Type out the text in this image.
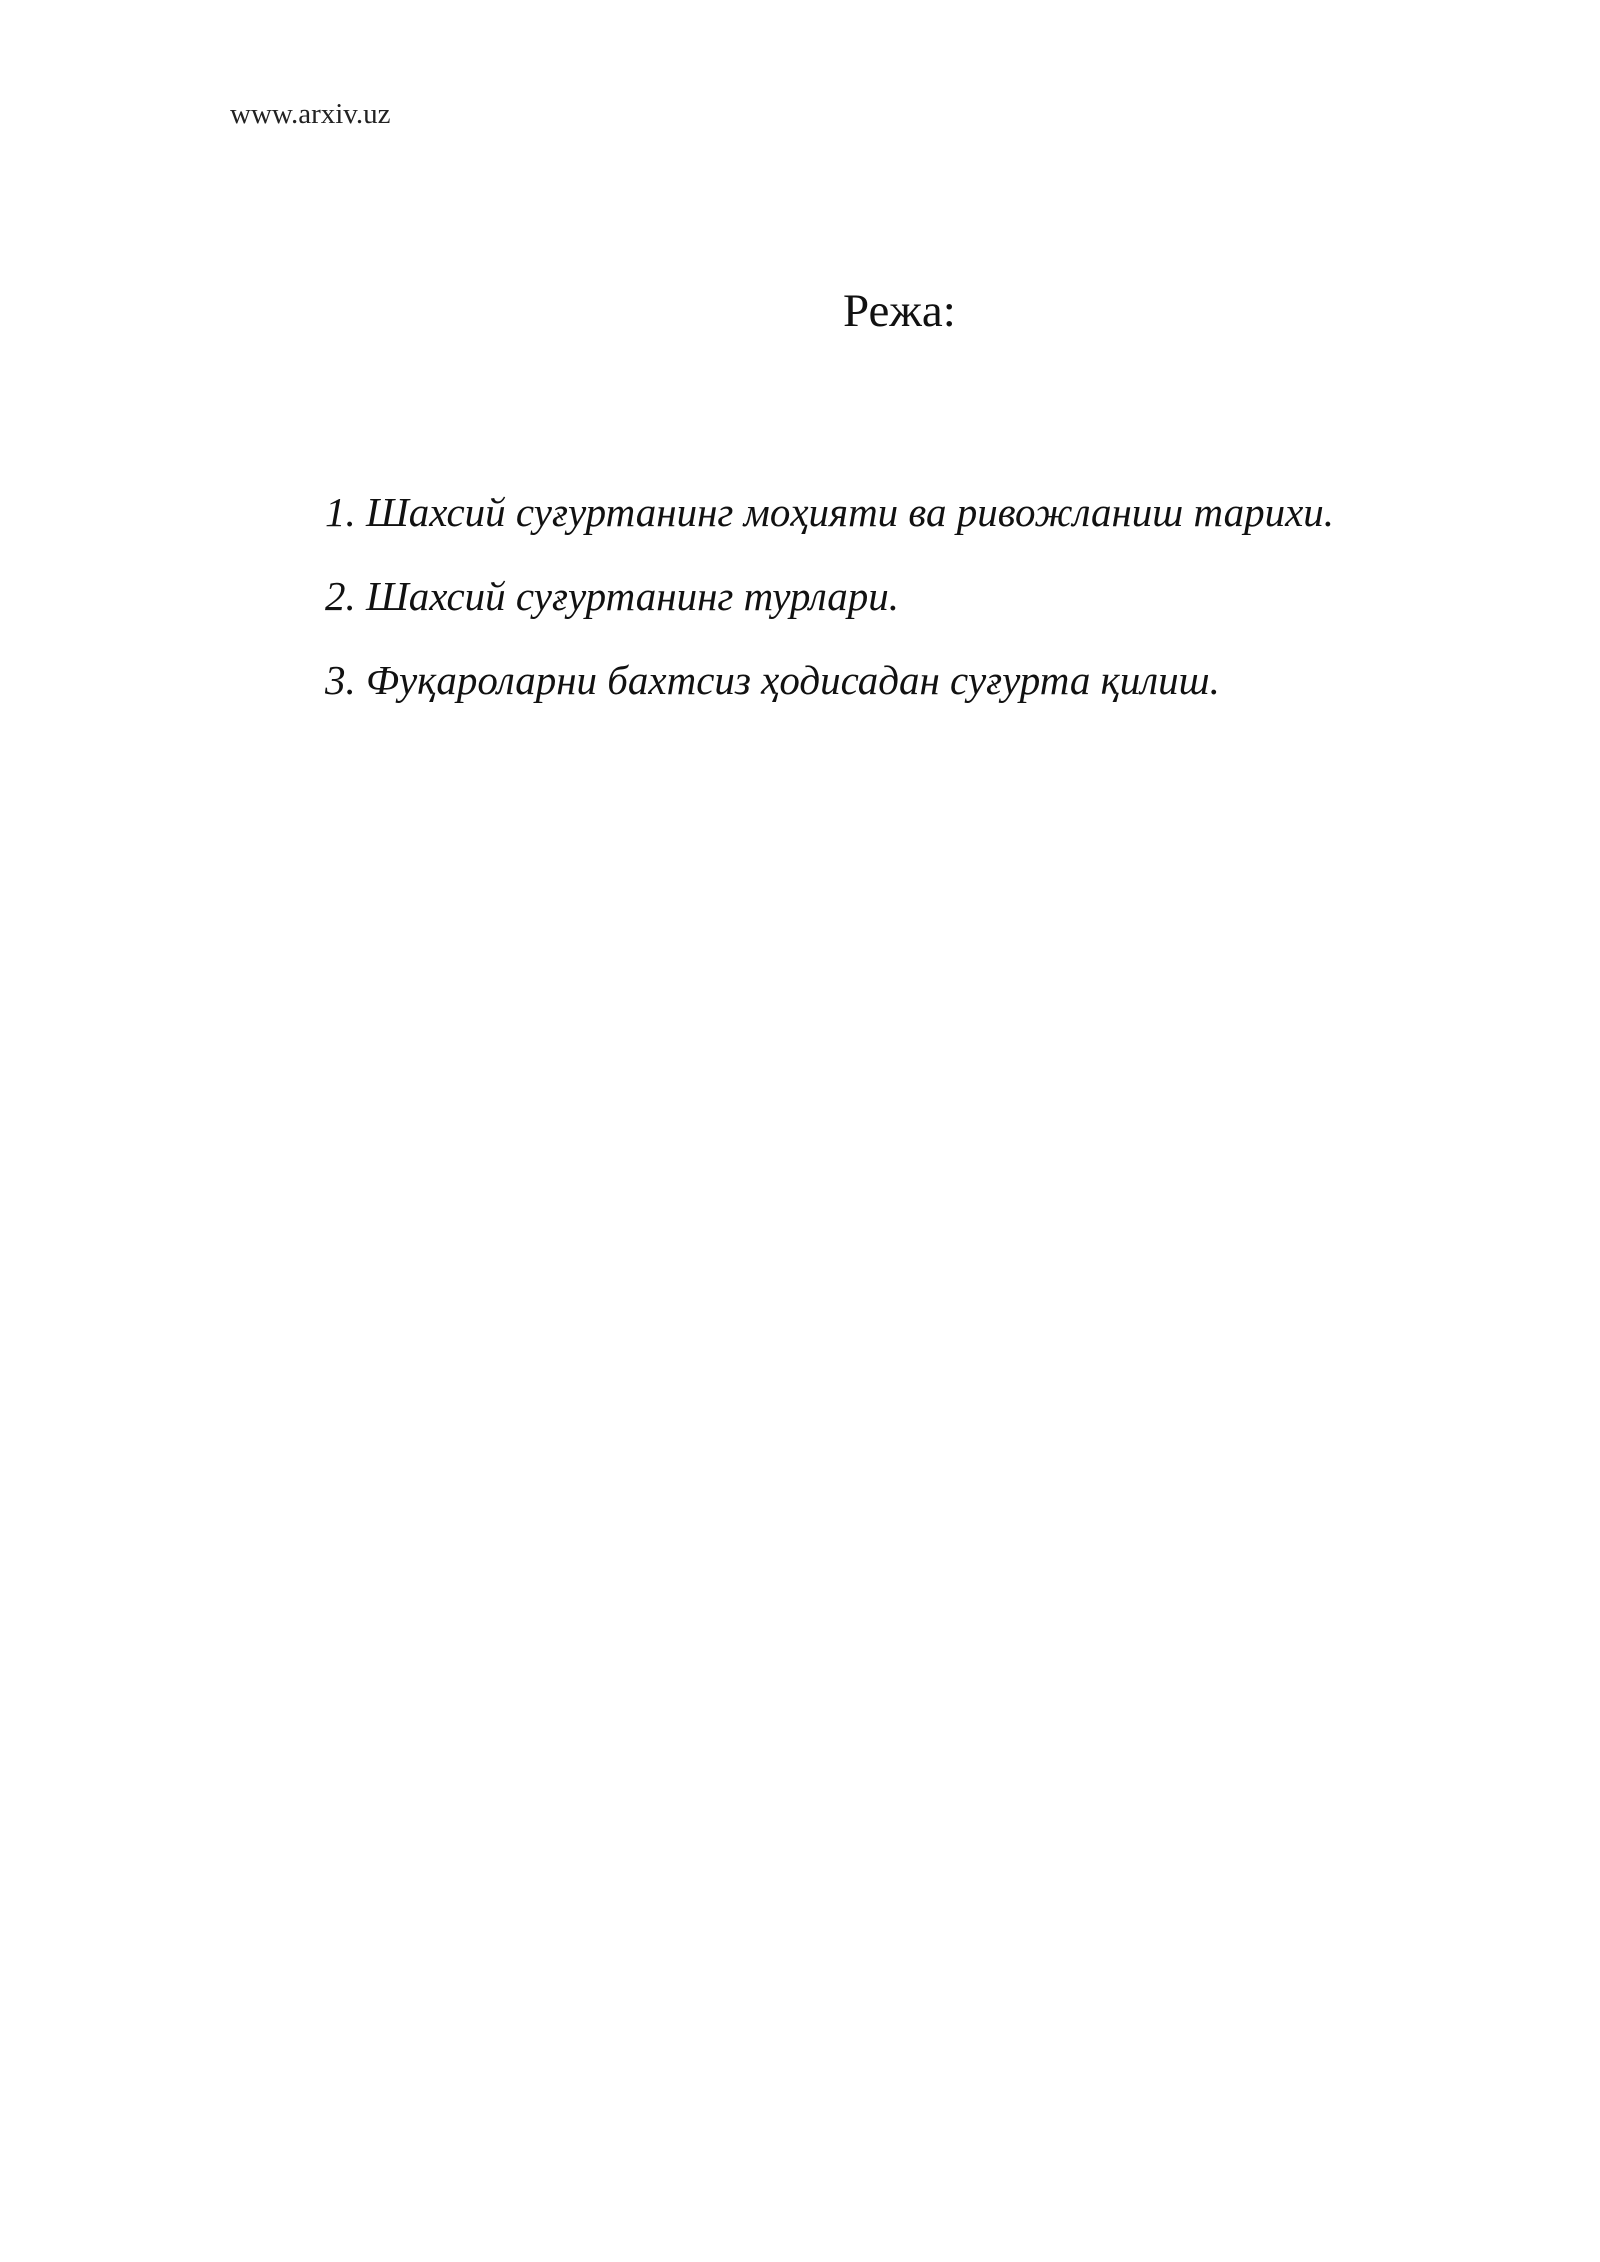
www.arxiv.uz
Режа:
1. Шахсий суғуртанинг моҳияти ва ривожланиш тарихи.
2. Шахсий суғуртанинг турлари.
3. Фуқароларни бахтсиз ҳодисадан суғурта қилиш.
